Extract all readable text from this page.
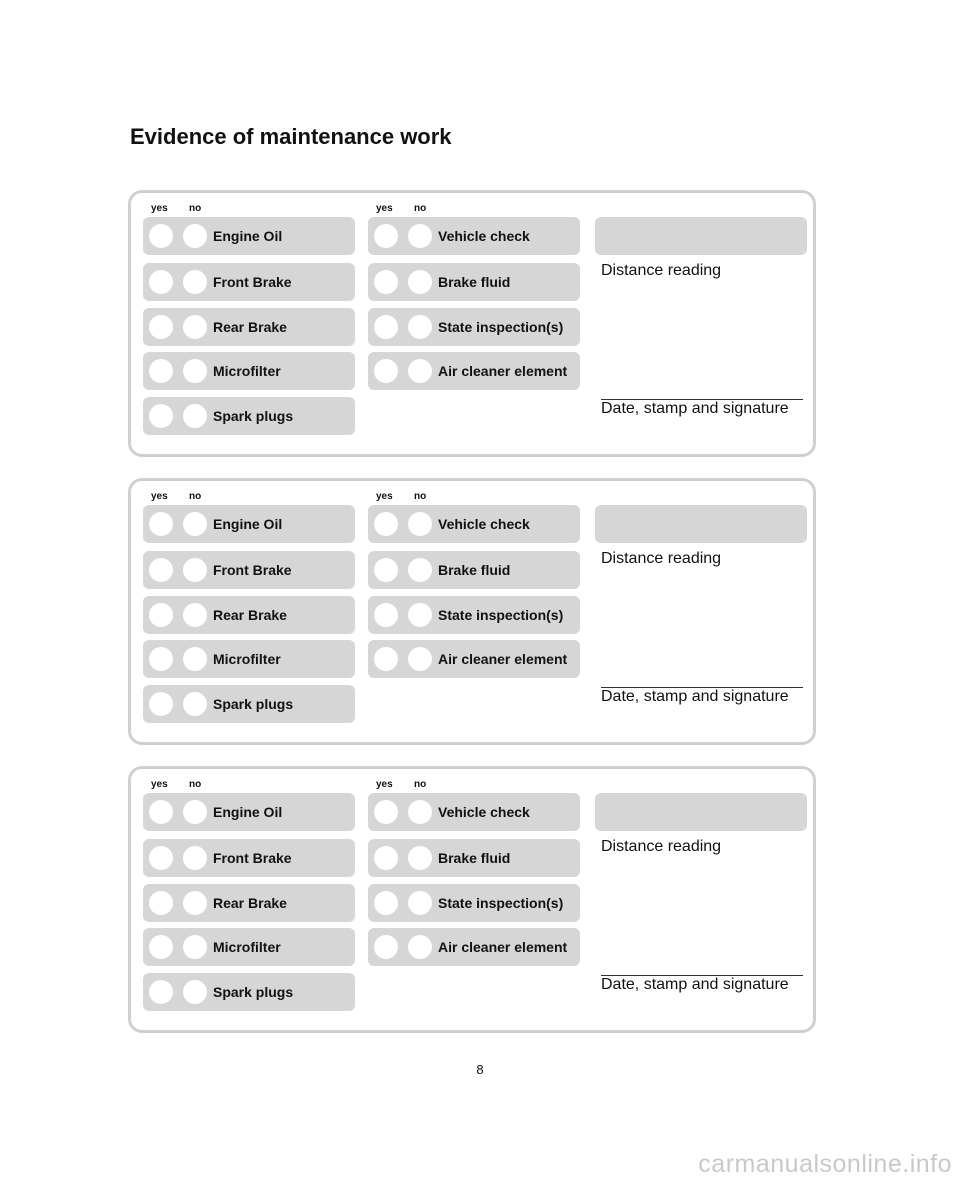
Evidence of maintenance work
yes no	yes no
Engine Oil
Front Brake
Rear Brake
Microfilter
Spark plugs
Vehicle check
Brake fluid
State inspection(s)
Air cleaner element
Distance reading
Date, stamp and signature
yes no	yes no
Engine Oil
Front Brake
Rear Brake
Microfilter
Spark plugs
Vehicle check
Brake fluid
State inspection(s)
Air cleaner element
Distance reading
Date, stamp and signature
yes no	yes no
Engine Oil
Front Brake
Rear Brake
Microfilter
Spark plugs
Vehicle check
Brake fluid
State inspection(s)
Air cleaner element
Distance reading
Date, stamp and signature
8
carmanualsonline.info
